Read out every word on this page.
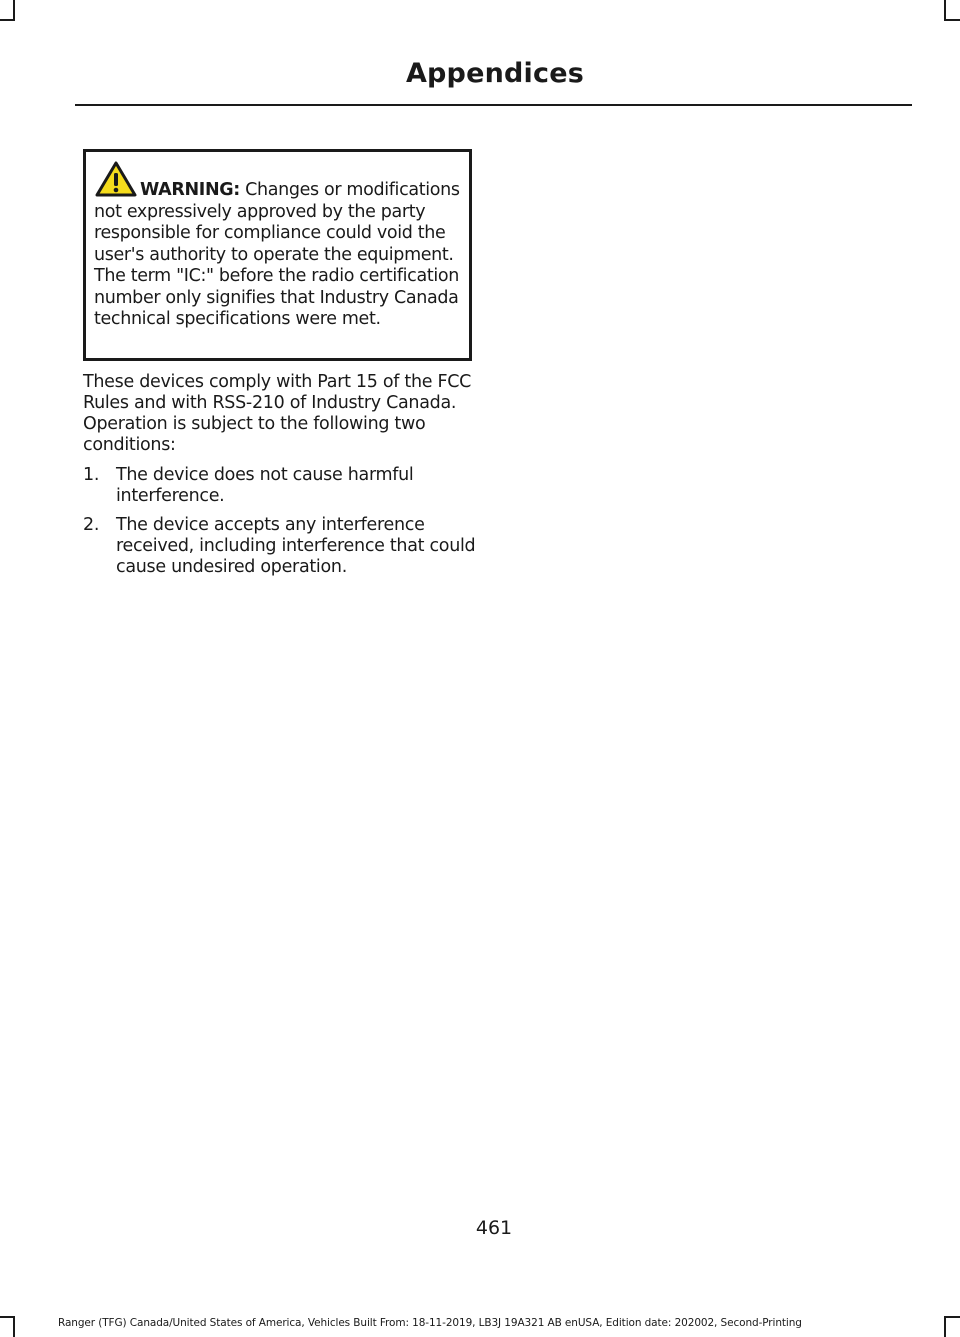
Appendices
WARNING: Changes or modifications not expressively approved by the party responsible for compliance could void the user's authority to operate the equipment. The term "IC:" before the radio certification number only signifies that Industry Canada technical specifications were met.

These devices comply with Part 15 of the FCC Rules and with RSS-210 of Industry Canada. Operation is subject to the following two conditions:

1. The device does not cause harmful interference.
2. The device accepts any interference received, including interference that could cause undesired operation.
461
Ranger (TFG) Canada/United States of America, Vehicles Built From: 18-11-2019, LB3J 19A321 AB enUSA, Edition date: 202002, Second-Printing
